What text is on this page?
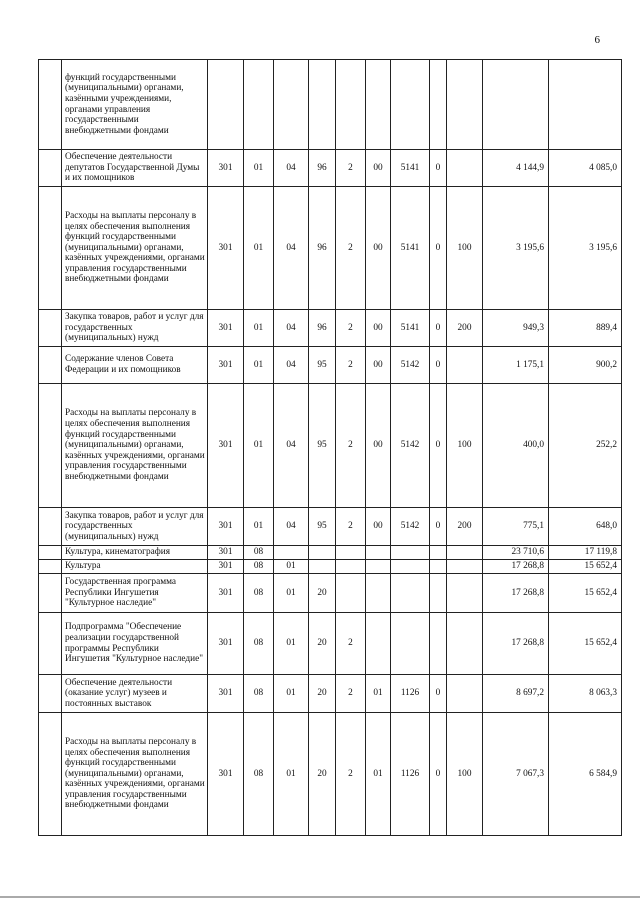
6
	функций государственными (муниципальными) органами, казёнными учреждениями, органами управления государственными внебюджетными фондами											
	Обеспечение деятельности депутатов Государственной Думы и их помощников	301	01	04	96	2	00	5141	0		4 144,9	4 085,0
	Расходы на выплаты персоналу в целях обеспечения выполнения функций государственными (муниципальными) органами, казённых учреждениями, органами управления государственными внебюджетными фондами	301	01	04	96	2	00	5141	0	100	3 195,6	3 195,6
	Закупка товаров, работ и услуг для государственных (муниципальных) нужд	301	01	04	96	2	00	5141	0	200	949,3	889,4
	Содержание членов Совета Федерации и их помощников	301	01	04	95	2	00	5142	0		1 175,1	900,2
	Расходы на выплаты персоналу в целях обеспечения выполнения функций государственными (муниципальными) органами, казённых учреждениями, органами управления государственными внебюджетными фондами	301	01	04	95	2	00	5142	0	100	400,0	252,2
	Закупка товаров, работ и услуг для государственных (муниципальных) нужд	301	01	04	95	2	00	5142	0	200	775,1	648,0
	Культура, кинематография	301	08								23 710,6	17 119,8
	Культура	301	08	01							17 268,8	15 652,4
	Государственная программа Республики Ингушетия "Культурное наследие"	301	08	01	20						17 268,8	15 652,4
	Подпрограмма "Обеспечение реализации государственной программы Республики Ингушетия "Культурное наследие"	301	08	01	20	2					17 268,8	15 652,4
	Обеспечение деятельности (оказание услуг) музеев и постоянных выставок	301	08	01	20	2	01	1126	0		8 697,2	8 063,3
	Расходы на выплаты персоналу в целях обеспечения выполнения функций государственными (муниципальными) органами, казённых учреждениями, органами управления государственными внебюджетными фондами	301	08	01	20	2	01	1126	0	100	7 067,3	6 584,9
